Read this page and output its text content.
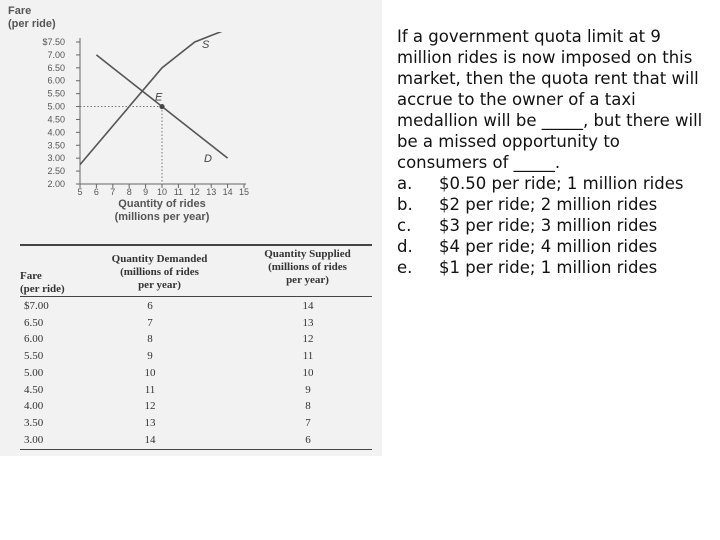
Fare
(per ride)
Quantity of rides
(millions per year)
2.00
2.50
3.00
3.50
4.00
4.50
5.00
5.50
6.00
6.50
7.00
$7.50
5 6 7 8 9 10 11 12 13 14 15
S
D
E
Fare
(per ride)
Quantity Demanded
(millions of rides
per year)
Quantity Supplied
(millions of rides
per year)
$7.00	6	14
6.50	7	13
6.00	8	12
5.50	9	11
5.00	10	10
4.50	11	9
4.00	12	8
3.50	13	7
3.00	14	6

If a government quota limit at 9 million rides is now imposed on this market, then the quota rent that will accrue to the owner of a taxi medallion will be _____, but there will be a missed opportunity to consumers of _____.

a. $0.50 per ride; 1 million rides
b. $2 per ride; 2 million rides
c. $3 per ride; 3 million rides
d. $4 per ride; 4 million rides
e. $1 per ride; 1 million rides
